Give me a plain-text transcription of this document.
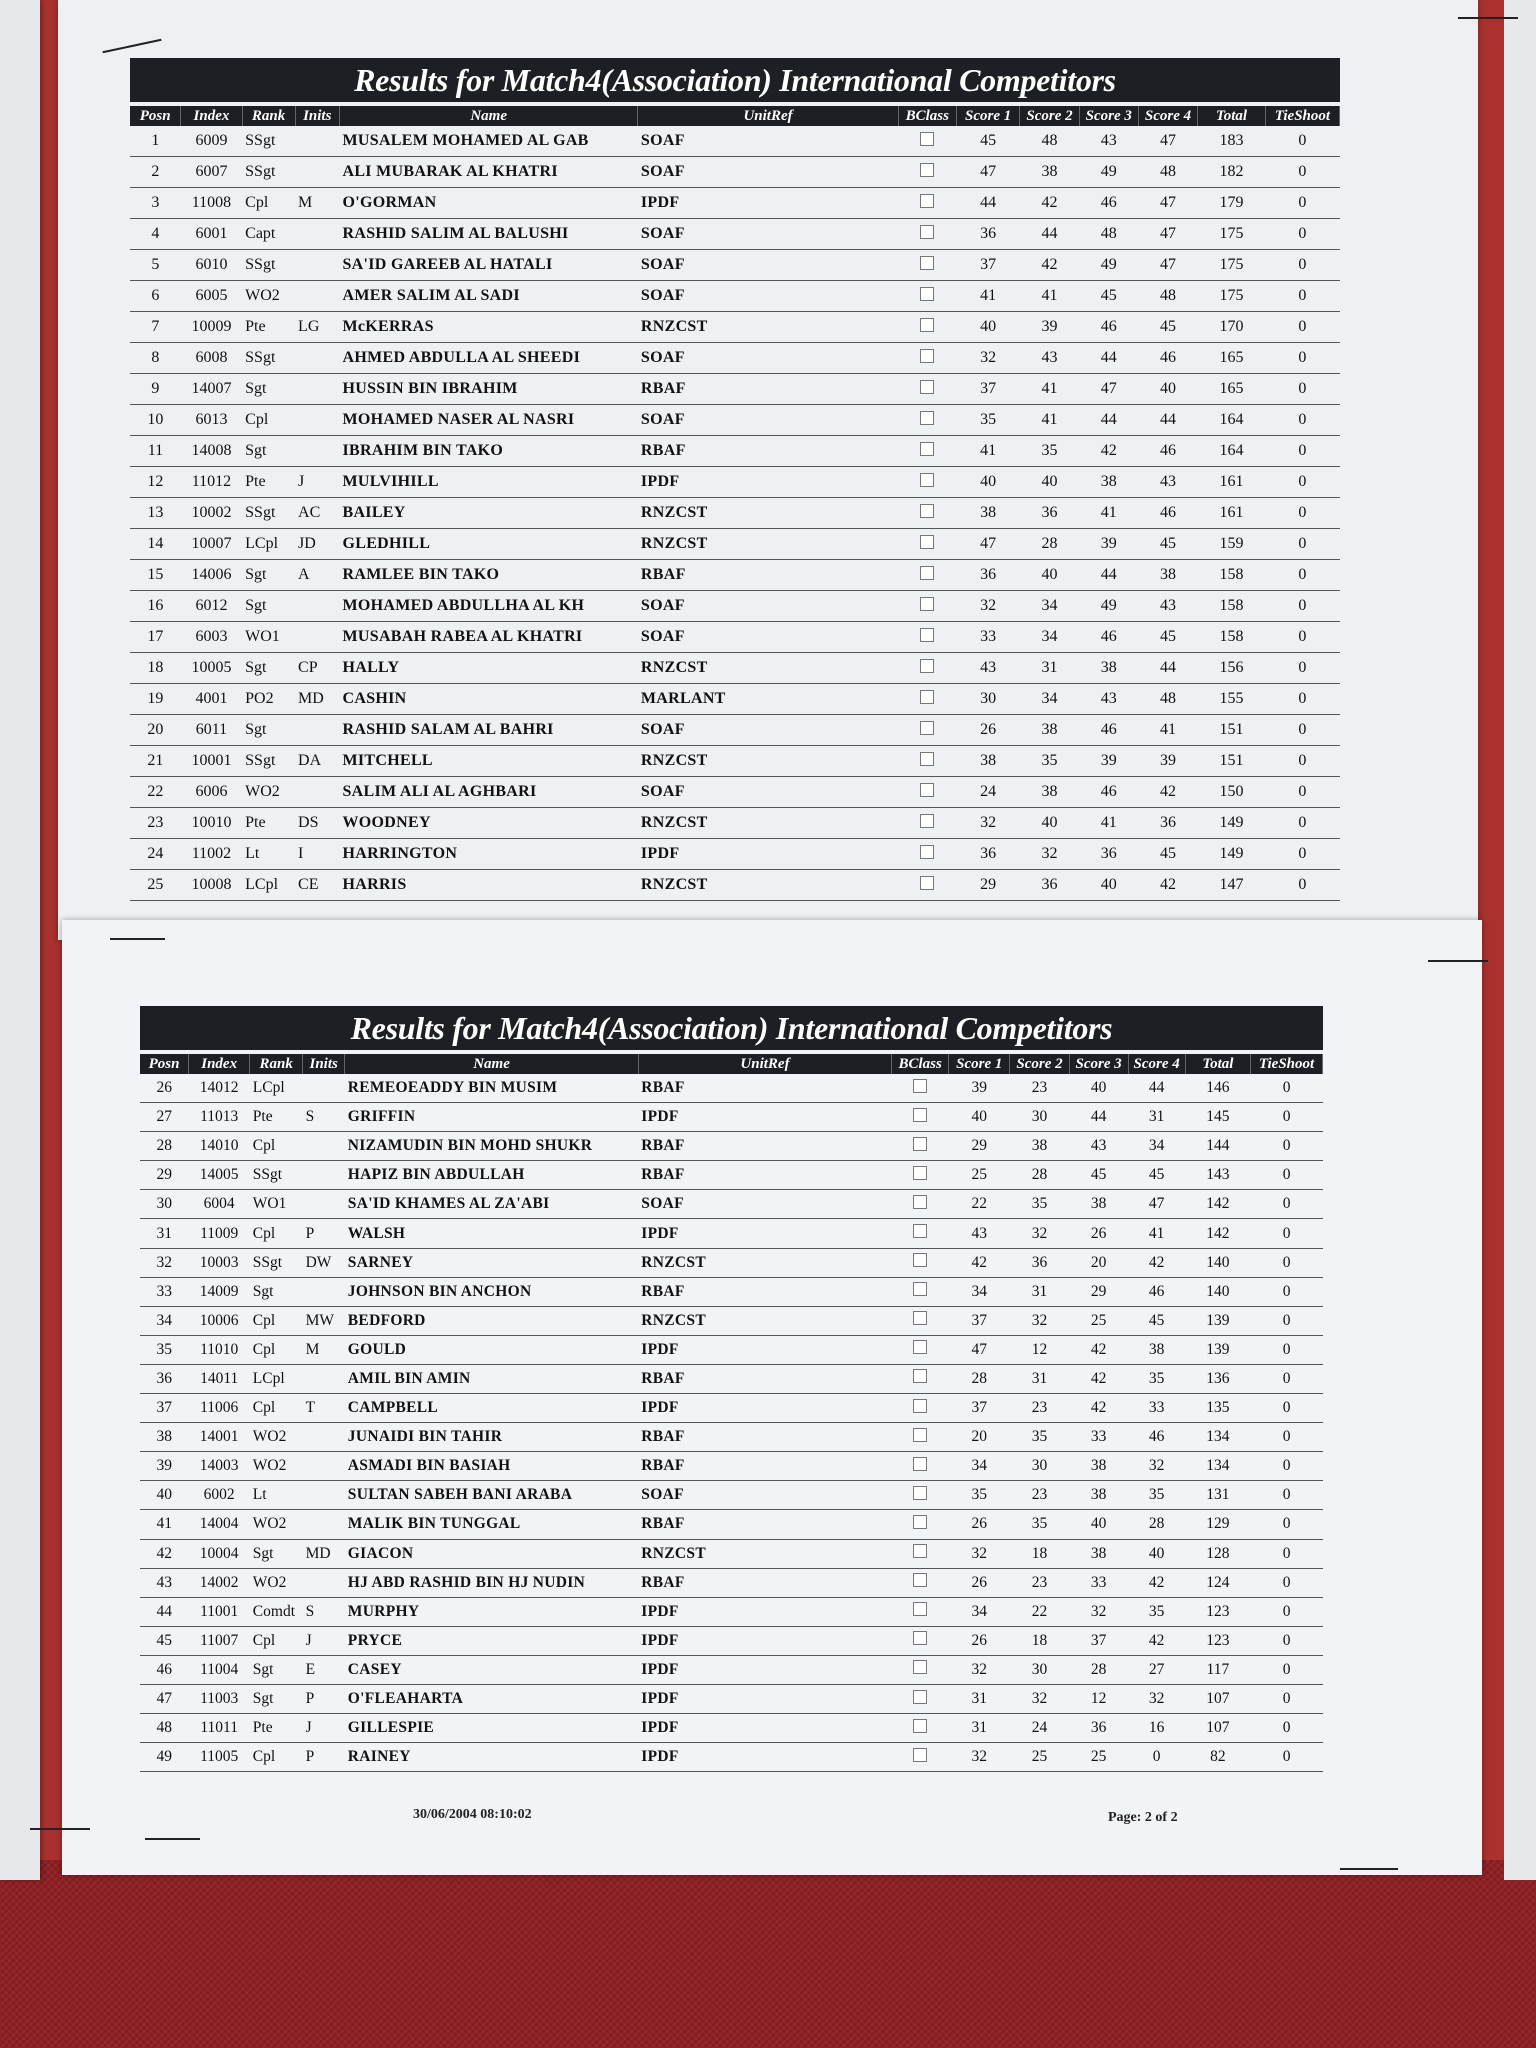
Results for Match4(Association) International Competitors
Posn	Index	Rank	Inits	Name	UnitRef	BClass	Score 1	Score 2	Score 3	Score 4	Total	TieShoot
1	6009	SSgt		MUSALEM MOHAMED AL GAB	SOAF		45	48	43	47	183	0
2	6007	SSgt		ALI MUBARAK AL KHATRI	SOAF		47	38	49	48	182	0
3	11008	Cpl	M	O'GORMAN	IPDF		44	42	46	47	179	0
4	6001	Capt		RASHID SALIM AL BALUSHI	SOAF		36	44	48	47	175	0
5	6010	SSgt		SA'ID GAREEB AL HATALI	SOAF		37	42	49	47	175	0
6	6005	WO2		AMER SALIM AL SADI	SOAF		41	41	45	48	175	0
7	10009	Pte	LG	McKERRAS	RNZCST		40	39	46	45	170	0
8	6008	SSgt		AHMED ABDULLA AL SHEEDI	SOAF		32	43	44	46	165	0
9	14007	Sgt		HUSSIN BIN IBRAHIM	RBAF		37	41	47	40	165	0
10	6013	Cpl		MOHAMED NASER AL NASRI	SOAF		35	41	44	44	164	0
11	14008	Sgt		IBRAHIM BIN TAKO	RBAF		41	35	42	46	164	0
12	11012	Pte	J	MULVIHILL	IPDF		40	40	38	43	161	0
13	10002	SSgt	AC	BAILEY	RNZCST		38	36	41	46	161	0
14	10007	LCpl	JD	GLEDHILL	RNZCST		47	28	39	45	159	0
15	14006	Sgt	A	RAMLEE BIN TAKO	RBAF		36	40	44	38	158	0
16	6012	Sgt		MOHAMED ABDULLHA AL KH	SOAF		32	34	49	43	158	0
17	6003	WO1		MUSABAH RABEA AL KHATRI	SOAF		33	34	46	45	158	0
18	10005	Sgt	CP	HALLY	RNZCST		43	31	38	44	156	0
19	4001	PO2	MD	CASHIN	MARLANT		30	34	43	48	155	0
20	6011	Sgt		RASHID SALAM AL BAHRI	SOAF		26	38	46	41	151	0
21	10001	SSgt	DA	MITCHELL	RNZCST		38	35	39	39	151	0
22	6006	WO2		SALIM ALI AL AGHBARI	SOAF		24	38	46	42	150	0
23	10010	Pte	DS	WOODNEY	RNZCST		32	40	41	36	149	0
24	11002	Lt	I	HARRINGTON	IPDF		36	32	36	45	149	0
25	10008	LCpl	CE	HARRIS	RNZCST		29	36	40	42	147	0
Results for Match4(Association) International Competitors
Posn	Index	Rank	Inits	Name	UnitRef	BClass	Score 1	Score 2	Score 3	Score 4	Total	TieShoot
26	14012	LCpl		REMEOEADDY BIN MUSIM	RBAF		39	23	40	44	146	0
27	11013	Pte	S	GRIFFIN	IPDF		40	30	44	31	145	0
28	14010	Cpl		NIZAMUDIN BIN MOHD SHUKR	RBAF		29	38	43	34	144	0
29	14005	SSgt		HAPIZ BIN ABDULLAH	RBAF		25	28	45	45	143	0
30	6004	WO1		SA'ID KHAMES AL ZA'ABI	SOAF		22	35	38	47	142	0
31	11009	Cpl	P	WALSH	IPDF		43	32	26	41	142	0
32	10003	SSgt	DW	SARNEY	RNZCST		42	36	20	42	140	0
33	14009	Sgt		JOHNSON BIN ANCHON	RBAF		34	31	29	46	140	0
34	10006	Cpl	MW	BEDFORD	RNZCST		37	32	25	45	139	0
35	11010	Cpl	M	GOULD	IPDF		47	12	42	38	139	0
36	14011	LCpl		AMIL BIN AMIN	RBAF		28	31	42	35	136	0
37	11006	Cpl	T	CAMPBELL	IPDF		37	23	42	33	135	0
38	14001	WO2		JUNAIDI BIN TAHIR	RBAF		20	35	33	46	134	0
39	14003	WO2		ASMADI BIN BASIAH	RBAF		34	30	38	32	134	0
40	6002	Lt		SULTAN SABEH BANI ARABA	SOAF		35	23	38	35	131	0
41	14004	WO2		MALIK BIN TUNGGAL	RBAF		26	35	40	28	129	0
42	10004	Sgt	MD	GIACON	RNZCST		32	18	38	40	128	0
43	14002	WO2		HJ ABD RASHID BIN HJ NUDIN	RBAF		26	23	33	42	124	0
44	11001	Comdt	S	MURPHY	IPDF		34	22	32	35	123	0
45	11007	Cpl	J	PRYCE	IPDF		26	18	37	42	123	0
46	11004	Sgt	E	CASEY	IPDF		32	30	28	27	117	0
47	11003	Sgt	P	O'FLEAHARTA	IPDF		31	32	12	32	107	0
48	11011	Pte	J	GILLESPIE	IPDF		31	24	36	16	107	0
49	11005	Cpl	P	RAINEY	IPDF		32	25	25	0	82	0
30/06/2004 08:10:02	Page: 2 of 2
